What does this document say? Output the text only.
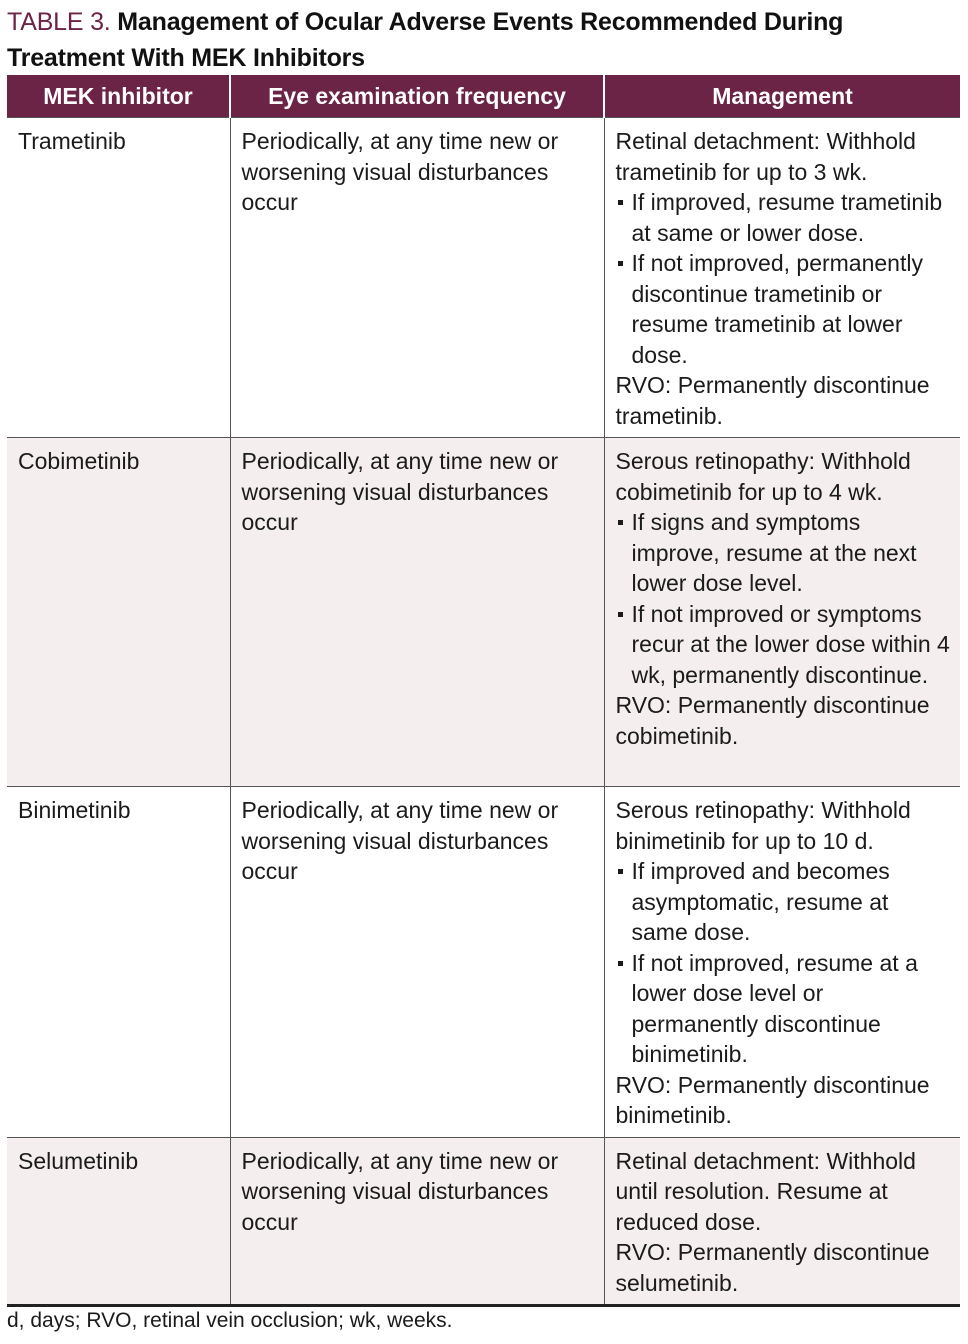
TABLE 3. Management of Ocular Adverse Events Recommended During Treatment With MEK Inhibitors
MEK inhibitor	Eye examination frequency	Management
Trametinib	Periodically, at any time new or worsening visual disturbances occur	Retinal detachment: Withhold trametinib for up to 3 wk.
If improved, resume trametinib at same or lower dose.
If not improved, permanently discontinue trametinib or resume trametinib at lower dose.
RVO: Permanently discontinue trametinib.

Cobimetinib	Periodically, at any time new or worsening visual disturbances occur	Serous retinopathy: Withhold cobimetinib for up to 4 wk.
If signs and symptoms improve, resume at the next lower dose level.
If not improved or symptoms recur at the lower dose within 4 wk, permanently discontinue.
RVO: Permanently discontinue cobimetinib.

Binimetinib	Periodically, at any time new or worsening visual disturbances occur	Serous retinopathy: Withhold binimetinib for up to 10 d.
If improved and becomes asymptomatic, resume at same dose.
If not improved, resume at a lower dose level or permanently discontinue binimetinib.
RVO: Permanently discontinue binimetinib.

Selumetinib	Periodically, at any time new or worsening visual disturbances occur	Retinal detachment: Withhold until resolution. Resume at reduced dose.
RVO: Permanently discontinue selumetinib.
d, days; RVO, retinal vein occlusion; wk, weeks.
